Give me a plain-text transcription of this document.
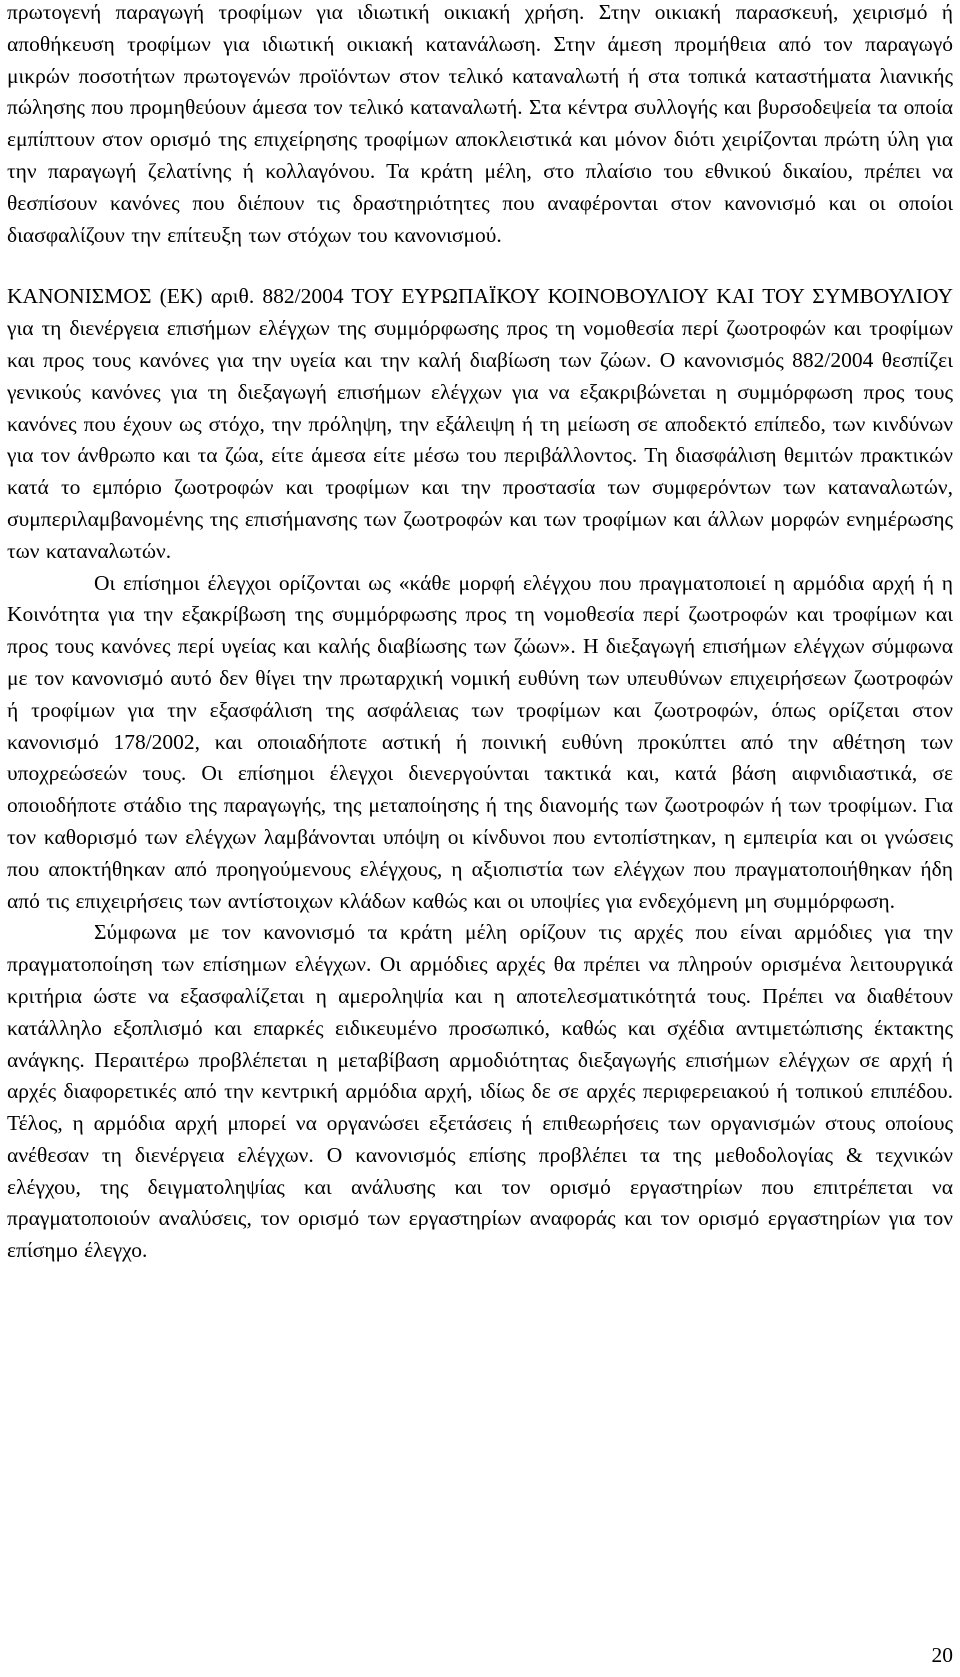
πρωτογενή παραγωγή τροφίμων για ιδιωτική οικιακή χρήση. Στην οικιακή παρασκευή, χειρισμό ή αποθήκευση τροφίμων για ιδιωτική οικιακή κατανάλωση. Στην άμεση προμήθεια από τον παραγωγό μικρών ποσοτήτων πρωτογενών προϊόντων στον τελικό καταναλωτή ή στα τοπικά καταστήματα λιανικής πώλησης που προμηθεύουν άμεσα τον τελικό καταναλωτή. Στα κέντρα συλλογής και βυρσοδεψεία τα οποία εμπίπτουν στον ορισμό της επιχείρησης τροφίμων αποκλειστικά και μόνον διότι χειρίζονται πρώτη ύλη για την παραγωγή ζελατίνης ή κολλαγόνου. Τα κράτη μέλη, στο πλαίσιο του εθνικού δικαίου, πρέπει να θεσπίσουν κανόνες που διέπουν τις δραστηριότητες που αναφέρονται στον κανονισμό και οι οποίοι διασφαλίζουν την επίτευξη των στόχων του κανονισμού.

ΚΑΝΟΝΙΣΜΟΣ (ΕΚ) αριθ. 882/2004 ΤΟΥ ΕΥΡΩΠΑΪΚΟΥ ΚΟΙΝΟΒΟΥΛΙΟΥ ΚΑΙ ΤΟΥ ΣΥΜΒΟΥΛΙΟΥ για τη διενέργεια επισήμων ελέγχων της συμμόρφωσης προς τη νομοθεσία περί ζωοτροφών και τροφίμων και προς τους κανόνες για την υγεία και την καλή διαβίωση των ζώων. Ο κανονισμός 882/2004 θεσπίζει γενικούς κανόνες για τη διεξαγωγή επισήμων ελέγχων για να εξακριβώνεται η συμμόρφωση προς τους κανόνες που έχουν ως στόχο, την πρόληψη, την εξάλειψη ή τη μείωση σε αποδεκτό επίπεδο, των κινδύνων για τον άνθρωπο και τα ζώα, είτε άμεσα είτε μέσω του περιβάλλοντος. Τη διασφάλιση θεμιτών πρακτικών κατά το εμπόριο ζωοτροφών και τροφίμων και την προστασία των συμφερόντων των καταναλωτών, συμπεριλαμβανομένης της επισήμανσης των ζωοτροφών και των τροφίμων και άλλων μορφών ενημέρωσης των καταναλωτών.

Οι επίσημοι έλεγχοι ορίζονται ως «κάθε μορφή ελέγχου που πραγματοποιεί η αρμόδια αρχή ή η Κοινότητα για την εξακρίβωση της συμμόρφωσης προς τη νομοθεσία περί ζωοτροφών και τροφίμων και προς τους κανόνες περί υγείας και καλής διαβίωσης των ζώων». Η διεξαγωγή επισήμων ελέγχων σύμφωνα με τον κανονισμό αυτό δεν θίγει την πρωταρχική νομική ευθύνη των υπευθύνων επιχειρήσεων ζωοτροφών ή τροφίμων για την εξασφάλιση της ασφάλειας των τροφίμων και ζωοτροφών, όπως ορίζεται στον κανονισμό 178/2002, και οποιαδήποτε αστική ή ποινική ευθύνη προκύπτει από την αθέτηση των υποχρεώσεών τους. Οι επίσημοι έλεγχοι διενεργούνται τακτικά και, κατά βάση αιφνιδιαστικά, σε οποιοδήποτε στάδιο της παραγωγής, της μεταποίησης ή της διανομής των ζωοτροφών ή των τροφίμων. Για τον καθορισμό των ελέγχων λαμβάνονται υπόψη οι κίνδυνοι που εντοπίστηκαν, η εμπειρία και οι γνώσεις που αποκτήθηκαν από προηγούμενους ελέγχους, η αξιοπιστία των ελέγχων που πραγματοποιήθηκαν ήδη από τις επιχειρήσεις των αντίστοιχων κλάδων καθώς και οι υποψίες για ενδεχόμενη μη συμμόρφωση.

Σύμφωνα με τον κανονισμό τα κράτη μέλη ορίζουν τις αρχές που είναι αρμόδιες για την πραγματοποίηση των επίσημων ελέγχων. Οι αρμόδιες αρχές θα πρέπει να πληρούν ορισμένα λειτουργικά κριτήρια ώστε να εξασφαλίζεται η αμεροληψία και η αποτελεσματικότητά τους. Πρέπει να διαθέτουν κατάλληλο εξοπλισμό και επαρκές ειδικευμένο προσωπικό, καθώς και σχέδια αντιμετώπισης έκτακτης ανάγκης. Περαιτέρω προβλέπεται η μεταβίβαση αρμοδιότητας διεξαγωγής επισήμων ελέγχων σε αρχή ή αρχές διαφορετικές από την κεντρική αρμόδια αρχή, ιδίως δε σε αρχές περιφερειακού ή τοπικού επιπέδου. Τέλος, η αρμόδια αρχή μπορεί να οργανώσει εξετάσεις ή επιθεωρήσεις των οργανισμών στους οποίους ανέθεσαν τη διενέργεια ελέγχων. Ο κανονισμός επίσης προβλέπει τα της μεθοδολογίας & τεχνικών ελέγχου, της δειγματοληψίας και ανάλυσης και τον ορισμό εργαστηρίων που επιτρέπεται να πραγματοποιούν αναλύσεις, τον ορισμό των εργαστηρίων αναφοράς και τον ορισμό εργαστηρίων για τον επίσημο έλεγχο.

20
